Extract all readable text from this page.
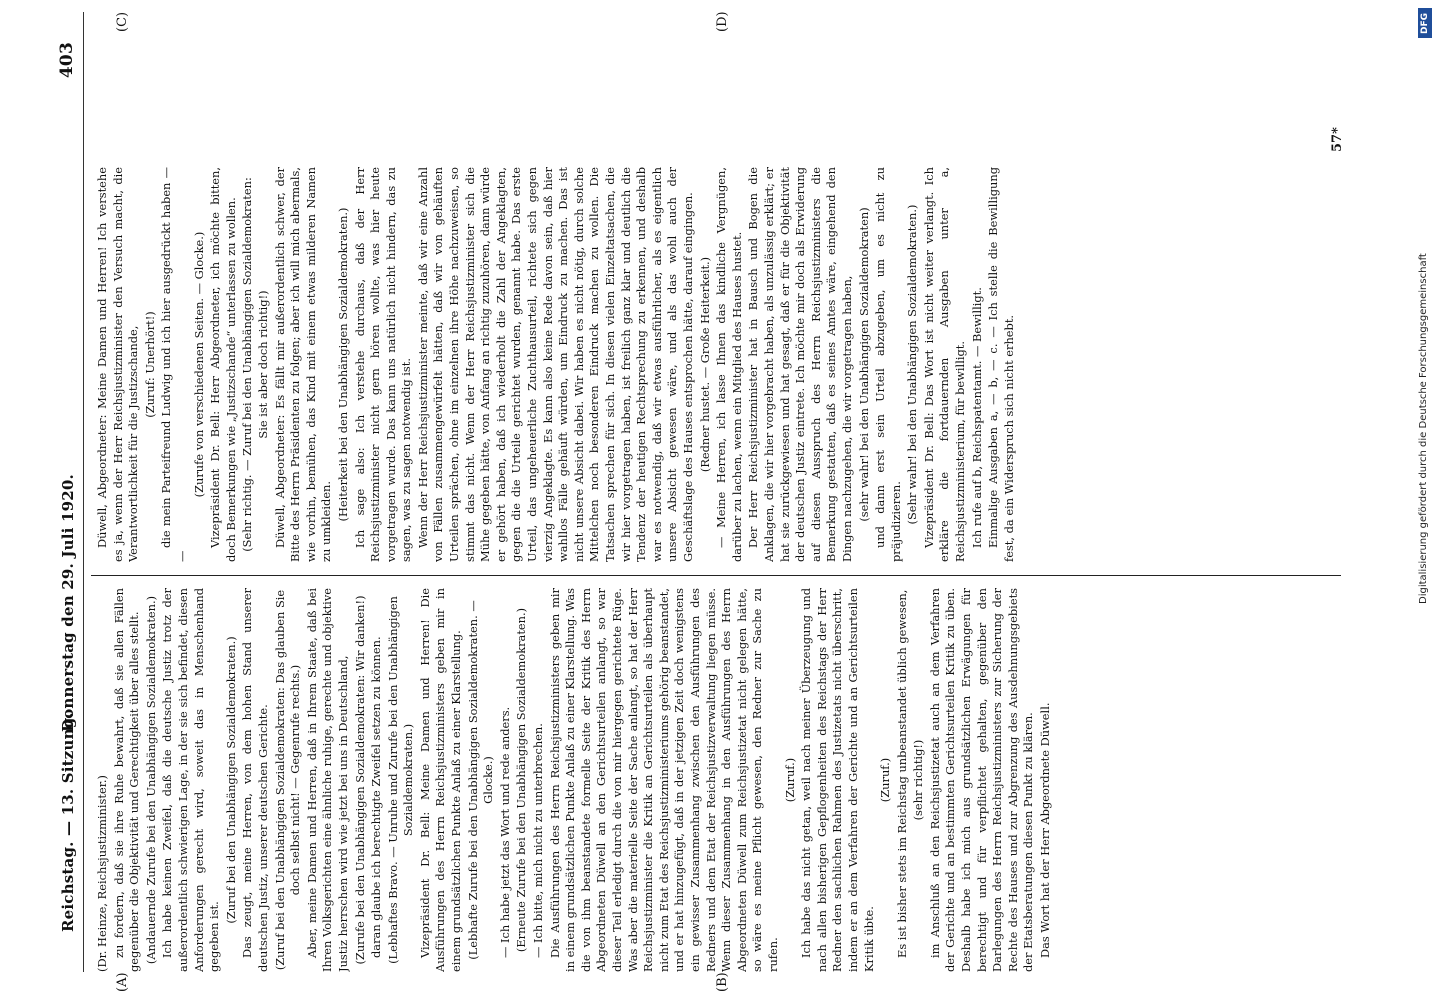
Reichstag. — 13. Sitzung.
Donnerstag den 29. Juli 1920.
403
(A)	(B)
(C)	(D)

(Dr. Heinze, Reichsjustizminister.) zu fordern, daß sie ihre Ruhe bewahrt, daß sie allen Fällen gegenüber die Objektivität und Gerechtigkeit über alles stellt. (Andauernde Zurufe bei den Unabhängigen Sozialdemokraten.) Ich habe keinen Zweifel, daß die deutsche Justiz trotz der außerordentlich schwierigen Lage, in der sie sich befindet, diesen Anforderungen gerecht wird, soweit das in Menschenhand gegeben ist.

(Zuruf bei den Unabhängigen Sozialdemokraten.) Das zeugt, meine Herren, von dem hohen Stand unserer deutschen Justiz, unserer deutschen Gerichte. (Zuruf bei den Unabhängigen Sozialdemokraten: Das glauben Sie doch selbst nicht! — Gegenrufe rechts.) Aber, meine Damen und Herren, daß in Ihrem Staate, daß bei Ihren Volksgerichten eine ähnliche ruhige, gerechte und objektive Justiz herrschen wird wie jetzt bei uns in Deutschland, (Zurufe bei den Unabhängigen Sozialdemokraten: Wir danken!) daran glaube ich berechtigte Zweifel setzen zu können. (Lebhaftes Bravo. — Unruhe und Zurufe bei den Unabhängigen Sozialdemokraten.) Vizepräsident Dr. Bell: Meine Damen und Herren! Die Ausführungen des Herrn Reichsjustizministers geben mir in einem grundsätzlichen Punkte Anlaß zu einer Klarstellung. (Lebhafte Zurufe bei den Unabhängigen Sozialdemokraten. — Glocke.) — Ich habe jetzt das Wort und rede anders. (Erneute Zurufe bei den Unabhängigen Sozialdemokraten.) — Ich bitte, mich nicht zu unterbrechen. Die Ausführungen des Herrn Reichsjustizministers geben mir in einem grundsätzlichen Punkte Anlaß zu einer Klarstellung. Was die von ihm beanstandete formelle Seite der Kritik des Herrn Abgeordneten Düwell an den Gerichtsurteilen anlangt, so war dieser Teil erledigt durch die von mir hiergegen gerichtete Rüge. Was aber die materielle Seite der Sache anlangt, so hat der Herr Reichsjustizminister die Kritik an Gerichtsurteilen als überhaupt nicht zum Etat des Reichsjustizministeriums gehörig beanstandet, und er hat hinzugefügt, daß in der jetzigen Zeit doch wenigstens ein gewisser Zusammenhang zwischen den Ausführungen des Redners und dem Etat der Reichsjustizverwaltung liegen müsse. Wenn dieser Zusammenhang in den Ausführungen des Herrn Abgeordneten Düwell zum Reichsjustizetat nicht gelegen hätte, so wäre es meine Pflicht gewesen, den Redner zur Sache zu rufen.

(Zuruf.) Ich habe das nicht getan, weil nach meiner Überzeugung und nach allen bisherigen Gepflogenheiten des Reichstags der Herr Redner den sachlichen Rahmen des Justizetats nicht überschritt, indem er an dem Verfahren der Gerichte und an Gerichtsurteilen Kritik übte.

(Zuruf.) Es ist bisher stets im Reichstag unbeanstandet üblich gewesen, (sehr richtig!) im Anschluß an den Reichsjustizetat auch an dem Verfahren der Gerichte und an bestimmten Gerichtsurteilen Kritik zu üben. Deshalb habe ich mich aus grundsätzlichen Erwägungen für berechtigt und für verpflichtet gehalten, gegenüber den Darlegungen des Herrn Reichsjustizministers zur Sicherung der Rechte des Hauses und zur Abgrenzung des Ausdehnungsgebiets der Etatsberatungen diesen Punkt zu klären. Das Wort hat der Herr Abgeordnete Düwell.

Düwell, Abgeordneter: Meine Damen und Herren! Ich verstehe es ja, wenn der Herr Reichsjustizminister den Versuch macht, die Verantwortlichkeit für die Justizschande, (Zuruf: Unerhört!) die mein Parteifreund Ludwig und ich hier ausgedrückt haben — —

(Zurufe von verschiedenen Seiten. — Glocke.) Vizepräsident Dr. Bell: Herr Abgeordneter, ich möchte bitten, doch Bemerkungen wie „Justizschande“ unterlassen zu wollen. (Sehr richtig. — Zuruf bei den Unabhängigen Sozialdemokraten: Sie ist aber doch richtig!) Düwell, Abgeordneter: Es fällt mir außerordentlich schwer, der Bitte des Herrn Präsidenten zu folgen; aber ich will mich abermals, wie vorhin, bemühen, das Kind mit einem etwas milderen Namen zu umkleiden. (Heiterkeit bei den Unabhängigen Sozialdemokraten.) Ich sage also: Ich verstehe durchaus, daß der Herr Reichsjustizminister nicht gern hören wollte, was hier heute vorgetragen wurde. Das kann uns natürlich nicht hindern, das zu sagen, was zu sagen notwendig ist. Wenn der Herr Reichsjustizminister meinte, daß wir eine Anzahl von Fällen zusammengewürfelt hätten, daß wir von gehäuften Urteilen sprächen, ohne im einzelnen ihre Höhe nachzuweisen, so stimmt das nicht. Wenn der Herr Reichsjustizminister sich die Mühe gegeben hätte, von Anfang an richtig zuzuhören, dann würde er gehört haben, daß ich wiederholt die Zahl der Angeklagten, gegen die die Urteile gerichtet wurden, genannt habe. Das erste Urteil, das ungeheuerliche Zuchthausurteil, richtete sich gegen vierzig Angeklagte. Es kann also keine Rede davon sein, daß hier wahllos Fälle gehäuft würden, um Eindruck zu machen. Das ist nicht unsere Absicht dabei. Wir haben es nicht nötig, durch solche Mittelchen noch besonderen Eindruck machen zu wollen. Die Tatsachen sprechen für sich. In diesen vielen Einzeltatsachen, die wir hier vorgetragen haben, ist freilich ganz klar und deutlich die Tendenz der heutigen Rechtsprechung zu erkennen, und deshalb war es notwendig, daß wir etwas ausführlicher, als es eigentlich unsere Absicht gewesen wäre, und als das wohl auch der Geschäftslage des Hauses entsprochen hätte, darauf eingingen. (Redner hustet. — Große Heiterkeit.) — Meine Herren, ich lasse Ihnen das kindliche Vergnügen, darüber zu lachen, wenn ein Mitglied des Hauses hustet. Der Herr Reichsjustizminister hat in Bausch und Bogen die Anklagen, die wir hier vorgebracht haben, als unzulässig erklärt; er hat sie zurückgewiesen und hat gesagt, daß er für die Objektivität der deutschen Justiz eintrete. Ich möchte mir doch als Erwiderung auf diesen Ausspruch des Herrn Reichsjustizministers die Bemerkung gestatten, daß es seines Amtes wäre, eingehend den Dingen nachzugehen, die wir vorgetragen haben, (sehr wahr! bei den Unabhängigen Sozialdemokraten) und dann erst sein Urteil abzugeben, um es nicht zu präjudizieren. (Sehr wahr! bei den Unabhängigen Sozialdemokraten.) Vizepräsident Dr. Bell: Das Wort ist nicht weiter verlangt. Ich erkläre die fortdauernden Ausgaben unter a, Reichsjustizministerium, für bewilligt. Ich rufe auf b, Reichspatentamt. — Bewilligt. Einmalige Ausgaben a, — b, — c. — Ich stelle die Bewilligung fest, da ein Widerspruch sich nicht erhebt.

57*
DFG
Digitalisierung gefördert durch die Deutsche Forschungsgemeinschaft
